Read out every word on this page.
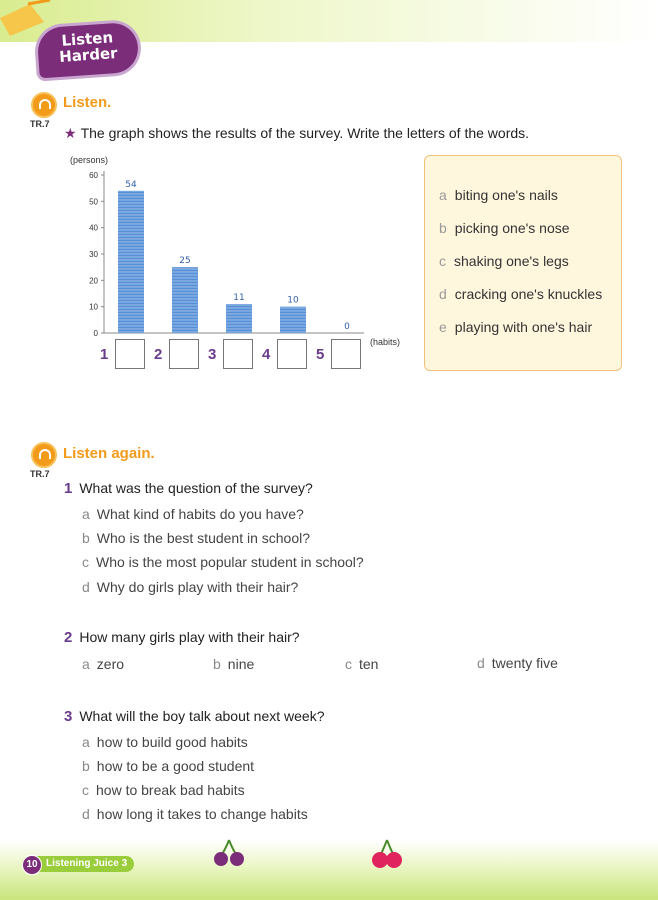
Listen
Harder
Listen.
TR.7
★ The graph shows the results of the survey. Write the letters of the words.
(persons)
0
10
20
30
40
50
60
54
25
11	10
0
(habits)
1	2	3	4	5
a biting one's nails
b picking one's nose
c shaking one's legs
d cracking one's knuckles
e playing with one's hair
Listen again.
TR.7
1 What was the question of the survey?
a What kind of habits do you have?
b Who is the best student in school?
c Who is the most popular student in school?
d Why do girls play with their hair?
2 How many girls play with their hair?
a zero	b nine	c ten	d twenty five
3 What will the boy talk about next week?
a how to build good habits
b how to be a good student
c how to break bad habits
d how long it takes to change habits
10 Listening Juice 3
